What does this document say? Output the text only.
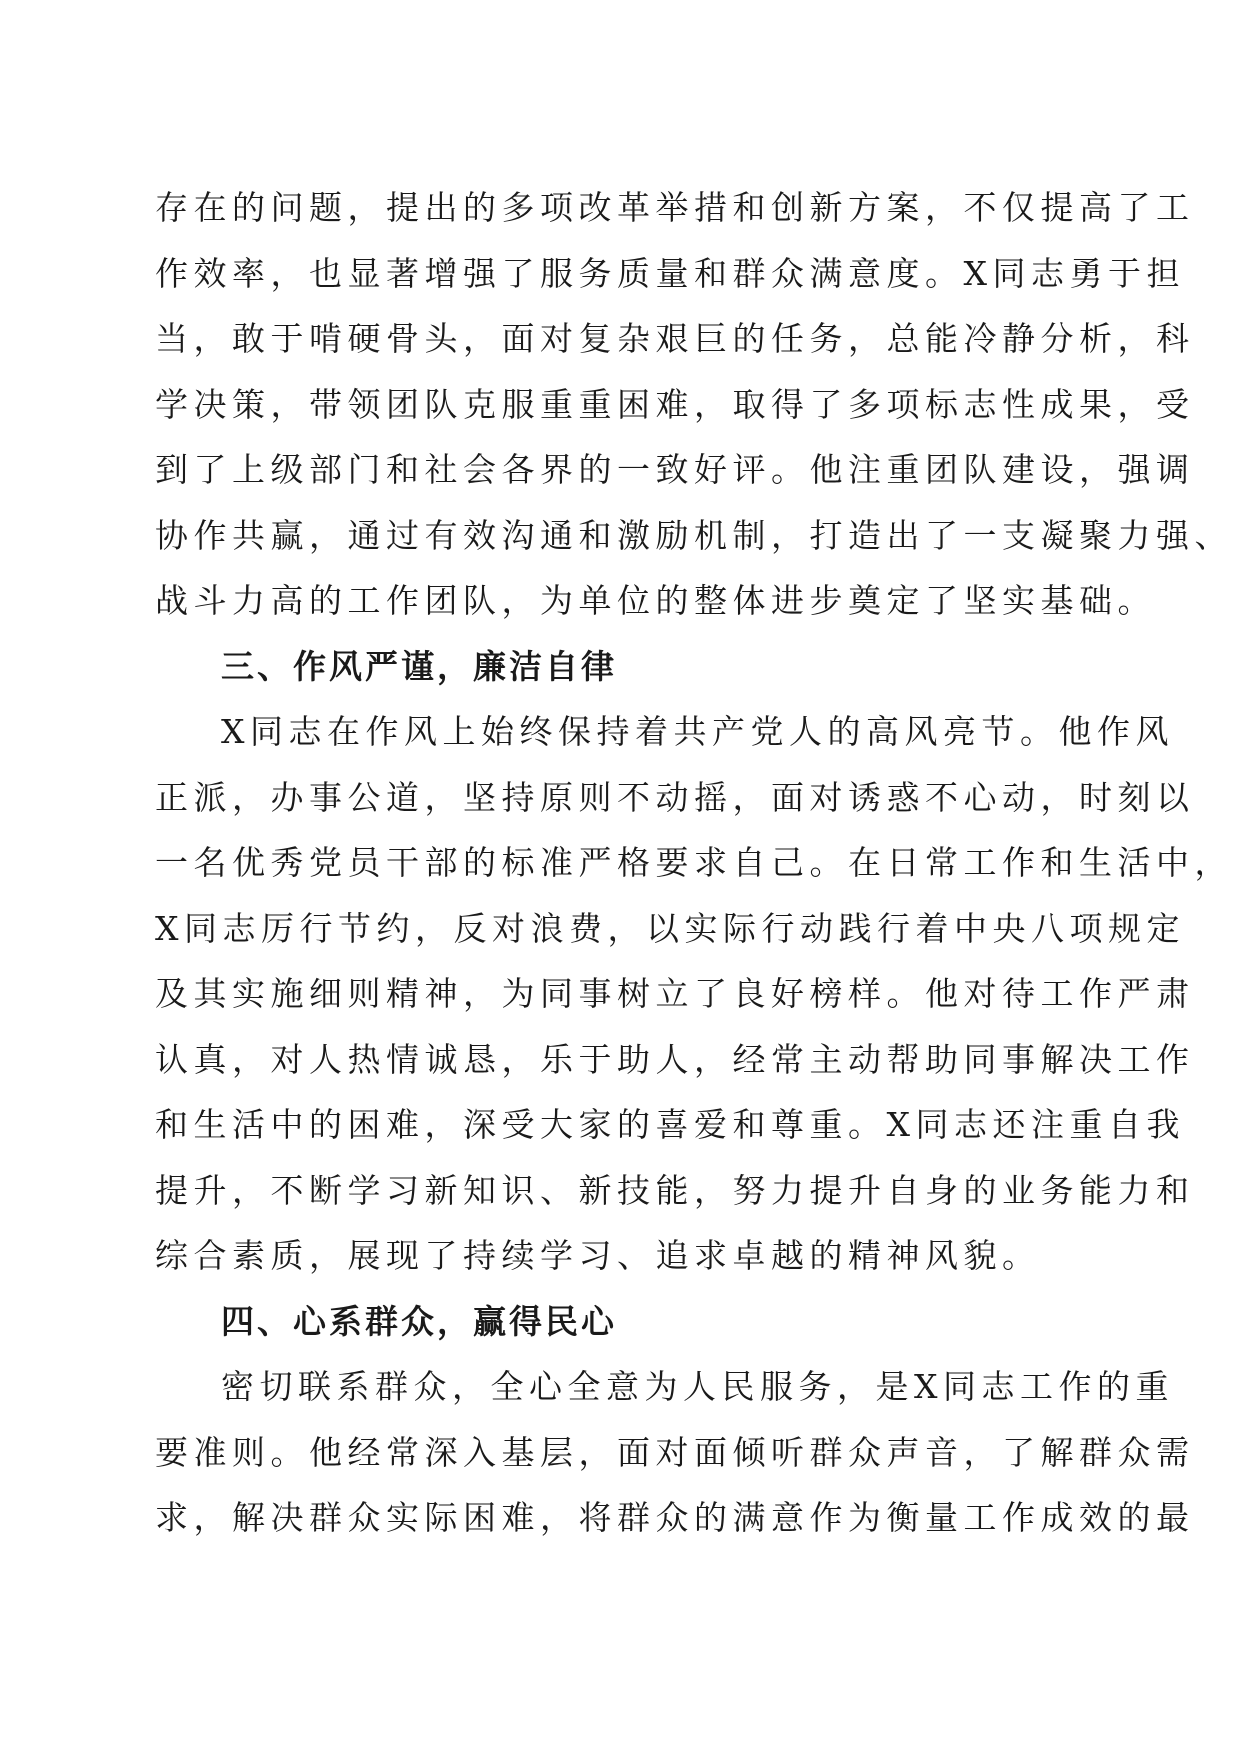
存在的问题，提出的多项改革举措和创新方案，不仅提高了工
作效率，也显著增强了服务质量和群众满意度。X同志勇于担
当，敢于啃硬骨头，面对复杂艰巨的任务，总能冷静分析，科
学决策，带领团队克服重重困难，取得了多项标志性成果，受
到了上级部门和社会各界的一致好评。他注重团队建设，强调
协作共赢，通过有效沟通和激励机制，打造出了一支凝聚力强、
战斗力高的工作团队，为单位的整体进步奠定了坚实基础。
三、作风严谨，廉洁自律
X同志在作风上始终保持着共产党人的高风亮节。他作风
正派，办事公道，坚持原则不动摇，面对诱惑不心动，时刻以
一名优秀党员干部的标准严格要求自己。在日常工作和生活中，
X同志厉行节约，反对浪费，以实际行动践行着中央八项规定
及其实施细则精神，为同事树立了良好榜样。他对待工作严肃
认真，对人热情诚恳，乐于助人，经常主动帮助同事解决工作
和生活中的困难，深受大家的喜爱和尊重。X同志还注重自我
提升，不断学习新知识、新技能，努力提升自身的业务能力和
综合素质，展现了持续学习、追求卓越的精神风貌。
四、心系群众，赢得民心
密切联系群众，全心全意为人民服务，是X同志工作的重
要准则。他经常深入基层，面对面倾听群众声音，了解群众需
求，解决群众实际困难，将群众的满意作为衡量工作成效的最
